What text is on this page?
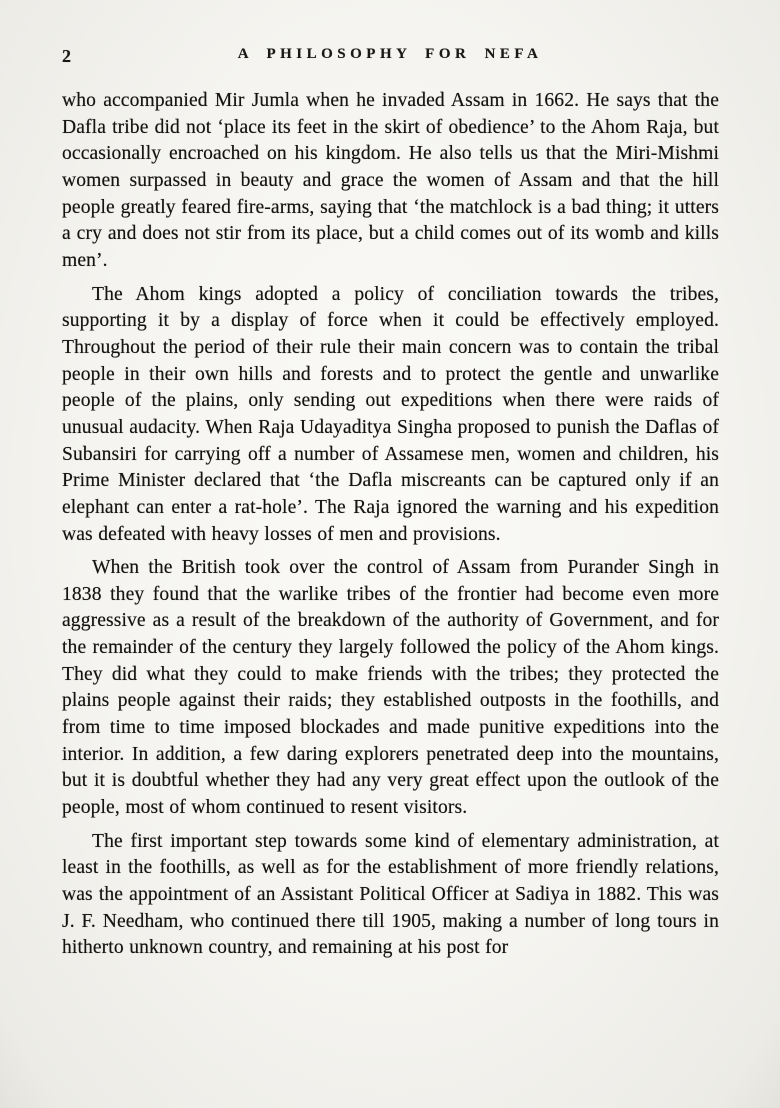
2	A PHILOSOPHY FOR NEFA

who accompanied Mir Jumla when he invaded Assam in 1662. He says that the Dafla tribe did not ‘place its feet in the skirt of obedience’ to the Ahom Raja, but occasionally encroached on his kingdom. He also tells us that the Miri-Mishmi women surpassed in beauty and grace the women of Assam and that the hill people greatly feared fire-arms, saying that ‘the matchlock is a bad thing; it utters a cry and does not stir from its place, but a child comes out of its womb and kills men’.

The Ahom kings adopted a policy of conciliation towards the tribes, supporting it by a display of force when it could be effectively employed. Throughout the period of their rule their main concern was to contain the tribal people in their own hills and forests and to protect the gentle and unwarlike people of the plains, only sending out expeditions when there were raids of unusual audacity. When Raja Udayaditya Singha proposed to punish the Daflas of Subansiri for carrying off a number of Assamese men, women and children, his Prime Minister declared that ‘the Dafla miscreants can be captured only if an elephant can enter a rat-hole’. The Raja ignored the warning and his expedition was defeated with heavy losses of men and provisions.

When the British took over the control of Assam from Purander Singh in 1838 they found that the warlike tribes of the frontier had become even more aggressive as a result of the breakdown of the authority of Government, and for the remainder of the century they largely followed the policy of the Ahom kings. They did what they could to make friends with the tribes; they protected the plains people against their raids; they established outposts in the foothills, and from time to time imposed blockades and made punitive expeditions into the interior. In addition, a few daring explorers penetrated deep into the mountains, but it is doubtful whether they had any very great effect upon the outlook of the people, most of whom continued to resent visitors.

The first important step towards some kind of elementary administration, at least in the foothills, as well as for the establishment of more friendly relations, was the appointment of an Assistant Political Officer at Sadiya in 1882. This was J. F. Needham, who continued there till 1905, making a number of long tours in hitherto unknown country, and remaining at his post for
